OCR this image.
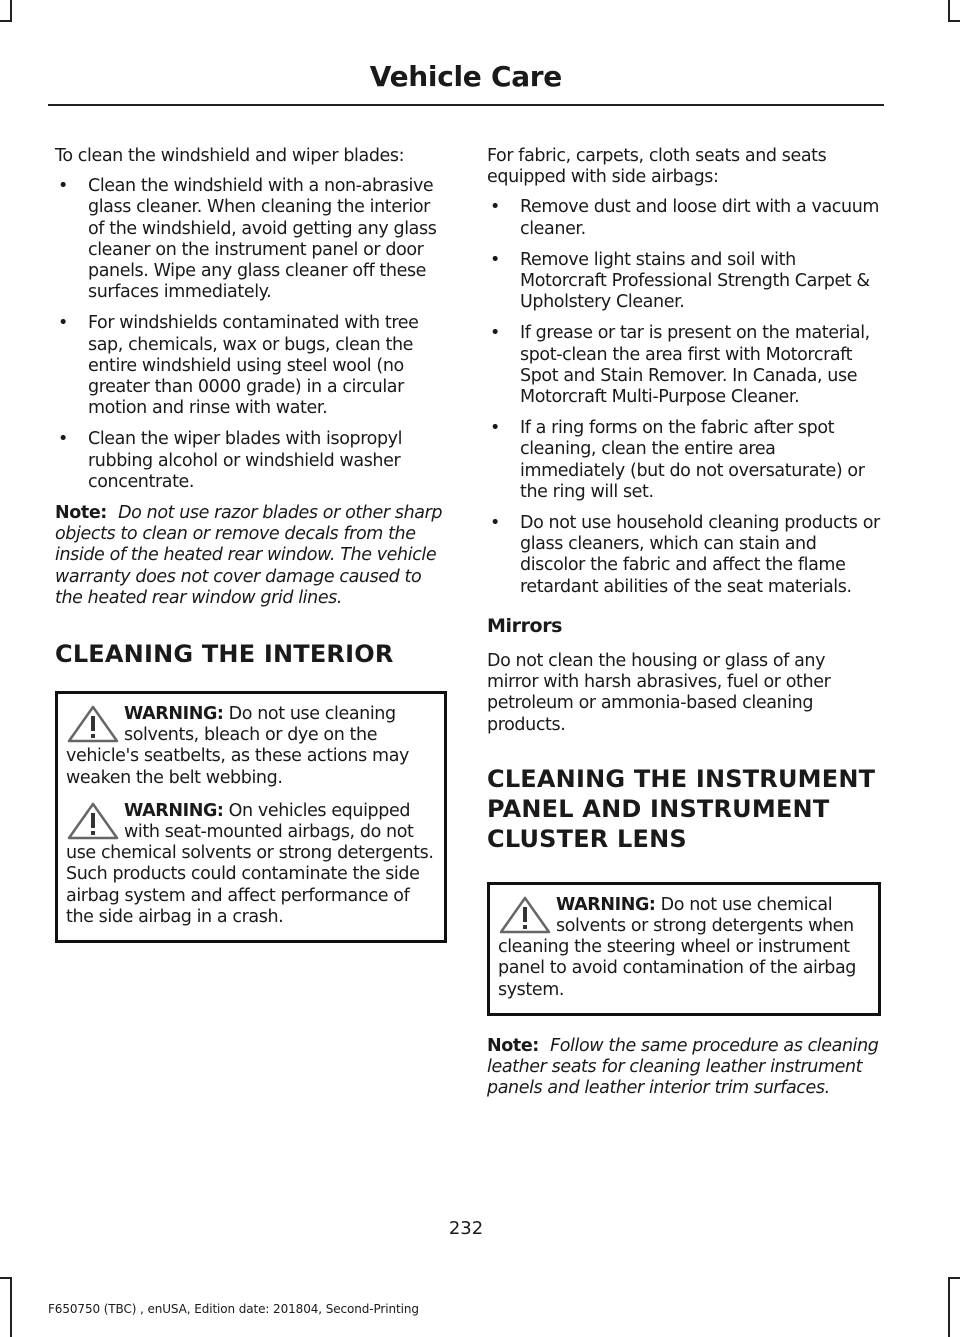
Vehicle Care

To clean the windshield and wiper blades:

• Clean the windshield with a non-abrasive glass cleaner. When cleaning the interior of the windshield, avoid getting any glass cleaner on the instrument panel or door panels. Wipe any glass cleaner off these surfaces immediately.
• For windshields contaminated with tree sap, chemicals, wax or bugs, clean the entire windshield using steel wool (no greater than 0000 grade) in a circular motion and rinse with water.
• Clean the wiper blades with isopropyl rubbing alcohol or windshield washer concentrate.

Note: Do not use razor blades or other sharp objects to clean or remove decals from the inside of the heated rear window. The vehicle warranty does not cover damage caused to the heated rear window grid lines.

CLEANING THE INTERIOR
WARNING: Do not use cleaning solvents, bleach or dye on the vehicle's seatbelts, as these actions may weaken the belt webbing.
WARNING: On vehicles equipped with seat-mounted airbags, do not use chemical solvents or strong detergents. Such products could contaminate the side airbag system and affect performance of the side airbag in a crash.

For fabric, carpets, cloth seats and seats equipped with side airbags:

• Remove dust and loose dirt with a vacuum cleaner.
• Remove light stains and soil with Motorcraft Professional Strength Carpet & Upholstery Cleaner.
• If grease or tar is present on the material, spot-clean the area first with Motorcraft Spot and Stain Remover. In Canada, use Motorcraft Multi-Purpose Cleaner.
• If a ring forms on the fabric after spot cleaning, clean the entire area immediately (but do not oversaturate) or the ring will set.
• Do not use household cleaning products or glass cleaners, which can stain and discolor the fabric and affect the flame retardant abilities of the seat materials.
Mirrors

Do not clean the housing or glass of any mirror with harsh abrasives, fuel or other petroleum or ammonia-based cleaning products.

CLEANING THE INSTRUMENT
PANEL AND INSTRUMENT
CLUSTER LENS
WARNING: Do not use chemical solvents or strong detergents when cleaning the steering wheel or instrument panel to avoid contamination of the airbag system.

Note: Follow the same procedure as cleaning leather seats for cleaning leather instrument panels and leather interior trim surfaces.

232
F650750 (TBC) , enUSA, Edition date: 201804, Second-Printing
